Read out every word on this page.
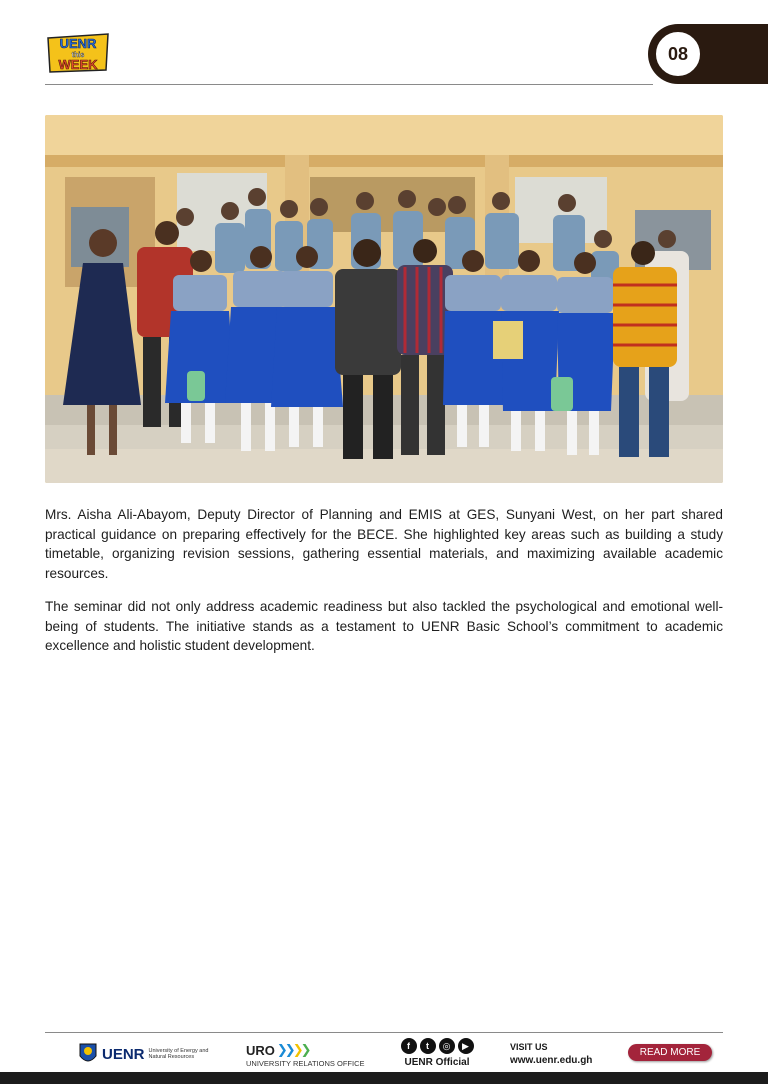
UENR
this
WEEK
08

Mrs. Aisha Ali-Abayom, Deputy Director of Planning and EMIS at GES, Sunyani West, on her part shared practical guidance on preparing effectively for the BECE. She highlighted key areas such as building a study timetable, organizing revision sessions, gathering essential materials, and maximizing available academic resources.

The seminar did not only address academic readiness but also tackled the psychological and emotional well-being of students. The initiative stands as a testament to UENR Basic School’s commitment to academic excellence and holistic student development.

UENR University of Energy and Natural Resources	URO ❯❯❯❯
UNIVERSITY RELATIONS OFFICE
f	t	◎	▶
UENR Official
VISIT US
www.uenr.edu.gh
READ MORE
